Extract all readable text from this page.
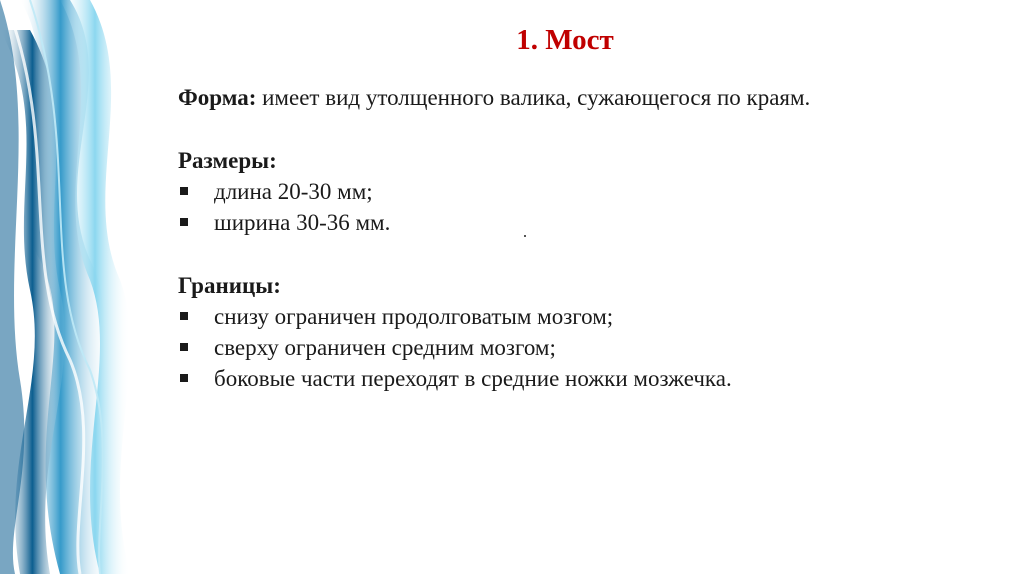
1. Мост

Форма: имеет вид утолщенного валика, сужающегося по краям.

Размеры:

длина 20-30 мм;
ширина 30-36 мм.

Границы:

снизу ограничен продолговатым мозгом;
сверху ограничен средним мозгом;
боковые части переходят в средние ножки мозжечка.
